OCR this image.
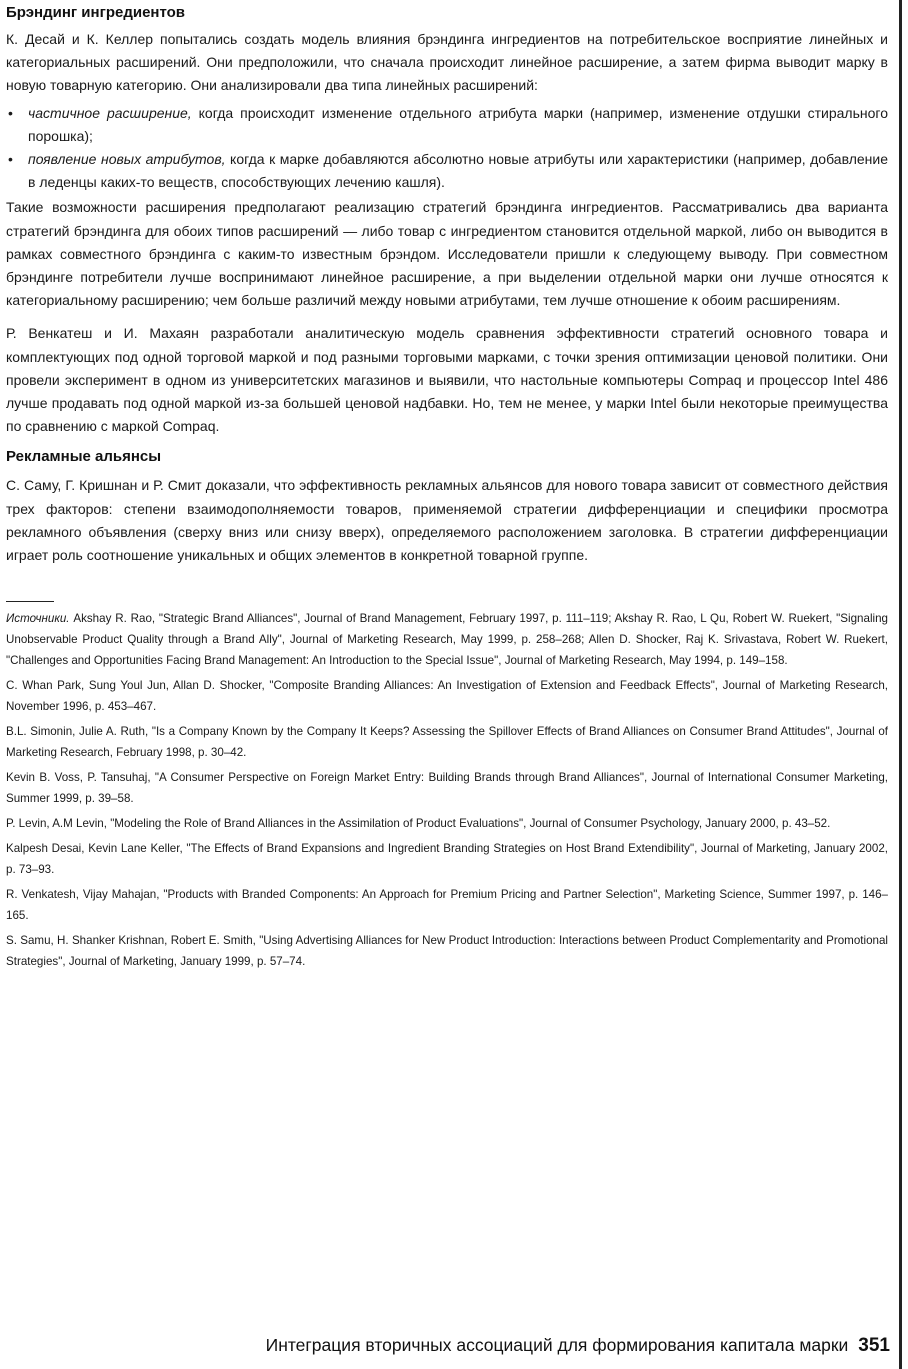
Брэндинг ингредиентов

К. Десай и К. Келлер попытались создать модель влияния брэндинга ингредиентов на потребительское восприятие линейных и категориальных расширений. Они предположили, что сначала происходит линейное расширение, а затем фирма выводит марку в новую товарную категорию. Они анализировали два типа линейных расширений:

• частичное расширение, когда происходит изменение отдельного атрибута марки (например, изменение отдушки стирального порошка);
• появление новых атрибутов, когда к марке добавляются абсолютно новые атрибуты или характеристики (например, добавление в леденцы каких-то веществ, способствующих лечению кашля).

Такие возможности расширения предполагают реализацию стратегий брэндинга ингредиентов. Рассматривались два варианта стратегий брэндинга для обоих типов расширений — либо товар с ингредиентом становится отдельной маркой, либо он выводится в рамках совместного брэндинга с каким-то известным брэндом. Исследователи пришли к следующему выводу. При совместном брэндинге потребители лучше воспринимают линейное расширение, а при выделении отдельной марки они лучше относятся к категориальному расширению; чем больше различий между новыми атрибутами, тем лучше отношение к обоим расширениям.

Р. Венкатеш и И. Махаян разработали аналитическую модель сравнения эффективности стратегий основного товара и комплектующих под одной торговой маркой и под разными торговыми марками, с точки зрения оптимизации ценовой политики. Они провели эксперимент в одном из университетских магазинов и выявили, что настольные компьютеры Compaq и процессор Intel 486 лучше продавать под одной маркой из-за большей ценовой надбавки. Но, тем не менее, у марки Intel были некоторые преимущества по сравнению с маркой Compaq.

Рекламные альянсы

С. Саму, Г. Кришнан и Р. Смит доказали, что эффективность рекламных альянсов для нового товара зависит от совместного действия трех факторов: степени взаимодополняемости товаров, применяемой стратегии дифференциации и специфики просмотра рекламного объявления (сверху вниз или снизу вверх), определяемого расположением заголовка. В стратегии дифференциации играет роль соотношение уникальных и общих элементов в конкретной товарной группе.

Источники. Akshay R. Rao, "Strategic Brand Alliances", Journal of Brand Management, February 1997, p. 111–119; Akshay R. Rao, L Qu, Robert W. Ruekert, "Signaling Unobservable Product Quality through a Brand Ally", Journal of Marketing Research, May 1999, p. 258–268; Allen D. Shocker, Raj K. Srivastava, Robert W. Ruekert, "Challenges and Opportunities Facing Brand Management: An Introduction to the Special Issue", Journal of Marketing Research, May 1994, p. 149–158.

C. Whan Park, Sung Youl Jun, Allan D. Shocker, "Composite Branding Alliances: An Investigation of Extension and Feedback Effects", Journal of Marketing Research, November 1996, p. 453–467.

B.L. Simonin, Julie A. Ruth, "Is a Company Known by the Company It Keeps? Assessing the Spillover Effects of Brand Alliances on Consumer Brand Attitudes", Journal of Marketing Research, February 1998, p. 30–42.

Kevin B. Voss, P. Tansuhaj, "A Consumer Perspective on Foreign Market Entry: Building Brands through Brand Alliances", Journal of International Consumer Marketing, Summer 1999, p. 39–58.

P. Levin, A.M Levin, "Modeling the Role of Brand Alliances in the Assimilation of Product Evaluations", Journal of Consumer Psychology, January 2000, p. 43–52.

Kalpesh Desai, Kevin Lane Keller, "The Effects of Brand Expansions and Ingredient Branding Strategies on Host Brand Extendibility", Journal of Marketing, January 2002, p. 73–93.

R. Venkatesh, Vijay Mahajan, "Products with Branded Components: An Approach for Premium Pricing and Partner Selection", Marketing Science, Summer 1997, p. 146–165.

S. Samu, H. Shanker Krishnan, Robert E. Smith, "Using Advertising Alliances for New Product Introduction: Interactions between Product Complementarity and Promotional Strategies", Journal of Marketing, January 1999, p. 57–74.

Интеграция вторичных ассоциаций для формирования капитала марки 351
